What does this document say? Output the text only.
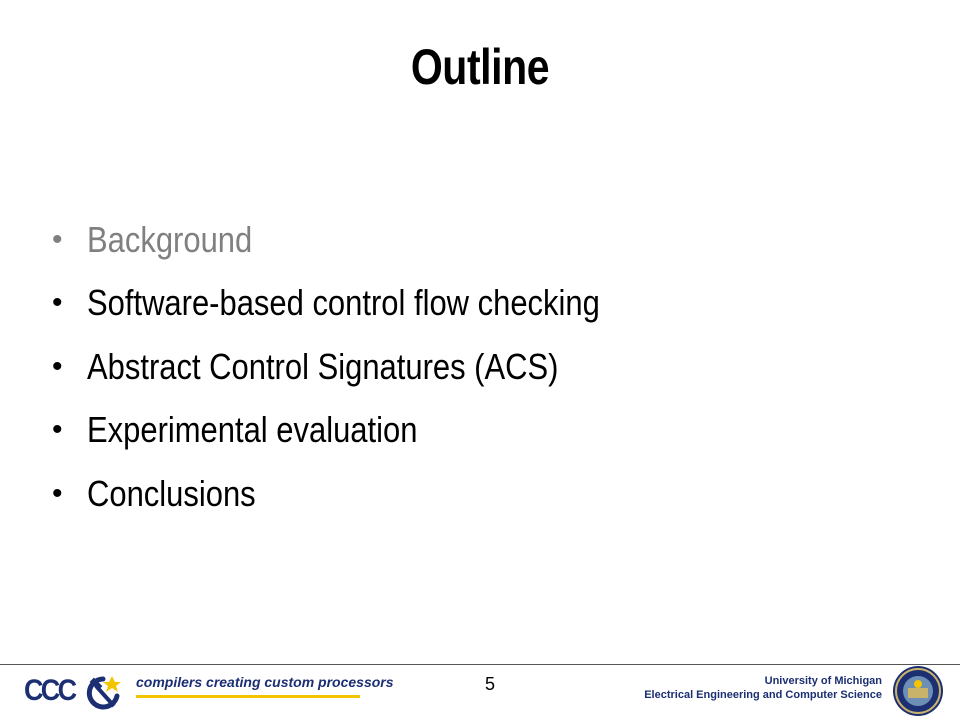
Outline
• Background
• Software-based control flow checking
• Abstract Control Signatures (ACS)
• Experimental evaluation
• Conclusions
CCC	compilers creating custom processors	5	University of Michigan
Electrical Engineering and Computer Science
